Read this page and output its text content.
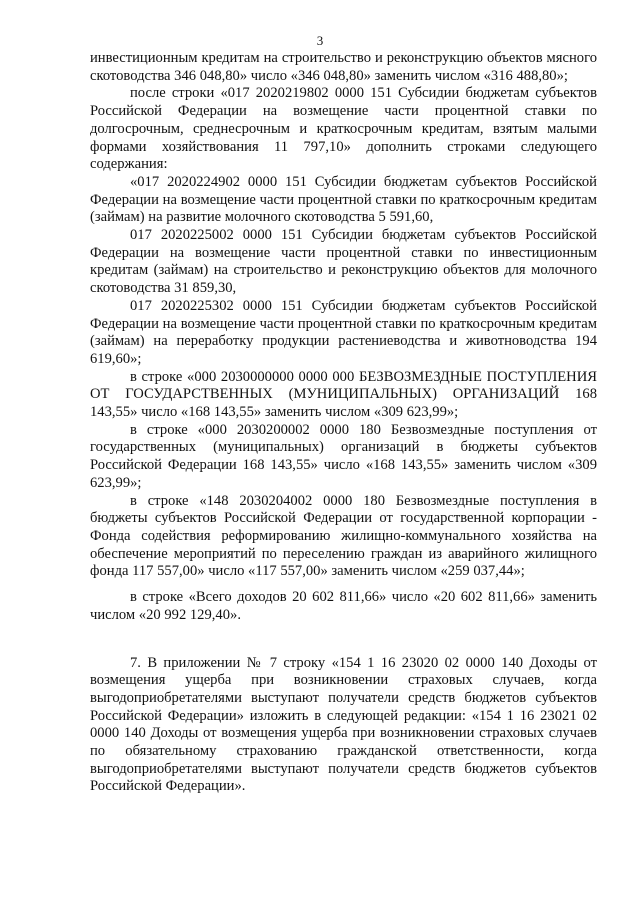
3

инвестиционным кредитам на строительство и реконструкцию объектов мясного скотоводства 346 048,80» число «346 048,80» заменить числом «316 488,80»;

после строки «017 2020219802 0000 151 Субсидии бюджетам субъектов Российской Федерации на возмещение части процентной ставки по долгосрочным, среднесрочным и краткосрочным кредитам, взятым малыми формами хозяйствования 11 797,10» дополнить строками следующего содержания:

«017 2020224902 0000 151 Субсидии бюджетам субъектов Российской Федерации на возмещение части процентной ставки по краткосрочным кредитам (займам) на развитие молочного скотоводства 5 591,60,

017 2020225002 0000 151 Субсидии бюджетам субъектов Российской Федерации на возмещение части процентной ставки по инвестиционным кредитам (займам) на строительство и реконструкцию объектов для молочного скотоводства 31 859,30,

017 2020225302 0000 151 Субсидии бюджетам субъектов Российской Федерации на возмещение части процентной ставки по краткосрочным кредитам (займам) на переработку продукции растениеводства и животноводства 194 619,60»;

в строке «000 2030000000 0000 000 БЕЗВОЗМЕЗДНЫЕ ПОСТУПЛЕНИЯ ОТ ГОСУДАРСТВЕННЫХ (МУНИЦИПАЛЬНЫХ) ОРГАНИЗАЦИЙ 168 143,55» число «168 143,55» заменить числом «309 623,99»;

в строке «000 2030200002 0000 180 Безвозмездные поступления от государственных (муниципальных) организаций в бюджеты субъектов Российской Федерации 168 143,55» число «168 143,55» заменить числом «309 623,99»;

в строке «148 2030204002 0000 180 Безвозмездные поступления в бюджеты субъектов Российской Федерации от государственной корпорации - Фонда содействия реформированию жилищно-коммунального хозяйства на обеспечение мероприятий по переселению граждан из аварийного жилищного фонда 117 557,00» число «117 557,00» заменить числом «259 037,44»;

в строке «Всего доходов 20 602 811,66» число «20 602 811,66» заменить числом «20 992 129,40».

7. В приложении № 7 строку «154 1 16 23020 02 0000 140 Доходы от возмещения ущерба при возникновении страховых случаев, когда выгодоприобретателями выступают получатели средств бюджетов субъектов Российской Федерации» изложить в следующей редакции: «154 1 16 23021 02 0000 140 Доходы от возмещения ущерба при возникновении страховых случаев по обязательному страхованию гражданской ответственности, когда выгодоприобретателями выступают получатели средств бюджетов субъектов Российской Федерации».
